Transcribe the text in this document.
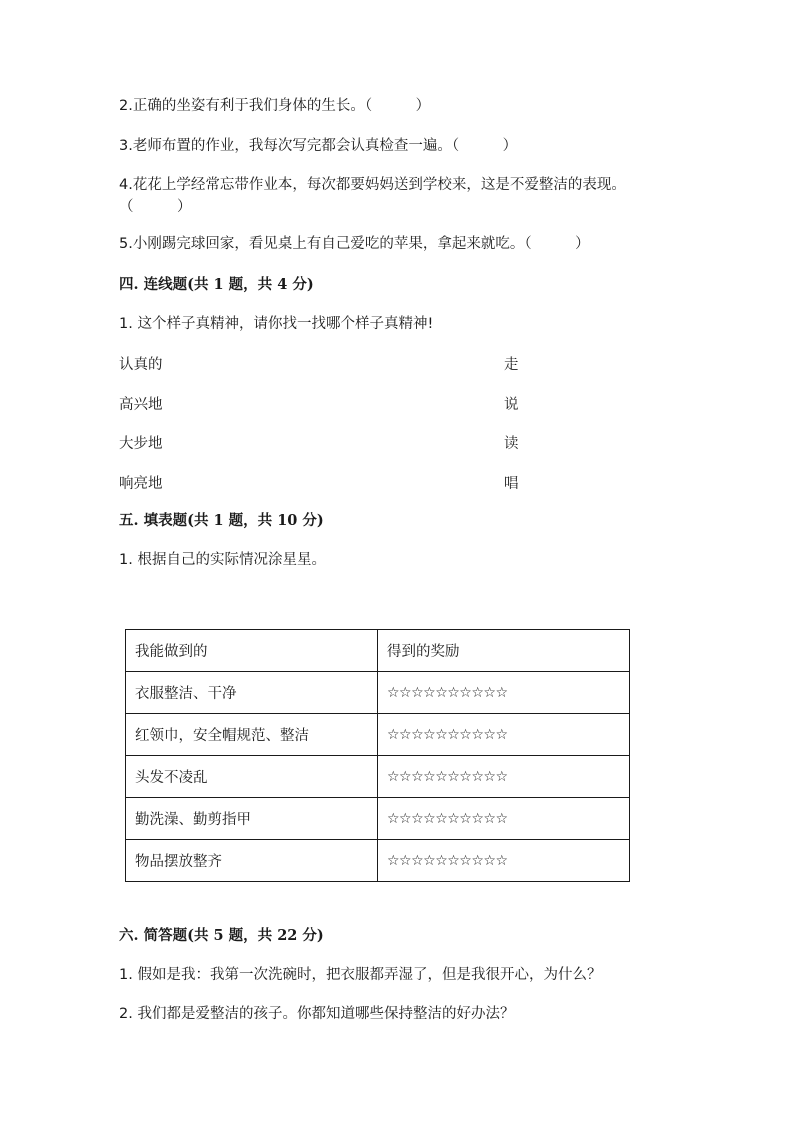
2.正确的坐姿有利于我们身体的生长。（　　　）
3.老师布置的作业，我每次写完都会认真检查一遍。（　　　）
4.花花上学经常忘带作业本，每次都要妈妈送到学校来，这是不爱整洁的表现。（　　　）
5.小刚踢完球回家，看见桌上有自己爱吃的苹果，拿起来就吃。（　　　）
四. 连线题(共 1 题，共 4 分)
1. 这个样子真精神，请你找一找哪个样子真精神!
认真的	走
高兴地	说
大步地	读
响亮地	唱
五. 填表题(共 1 题，共 10 分)
1. 根据自己的实际情况涂星星。
我能做到的	得到的奖励
衣服整洁、干净	☆☆☆☆☆☆☆☆☆☆
红领巾，安全帽规范、整洁	☆☆☆☆☆☆☆☆☆☆
头发不凌乱	☆☆☆☆☆☆☆☆☆☆
勤洗澡、勤剪指甲	☆☆☆☆☆☆☆☆☆☆
物品摆放整齐	☆☆☆☆☆☆☆☆☆☆
六. 简答题(共 5 题，共 22 分)
1. 假如是我：我第一次洗碗时，把衣服都弄湿了，但是我很开心，为什么？
2. 我们都是爱整洁的孩子。你都知道哪些保持整洁的好办法？
